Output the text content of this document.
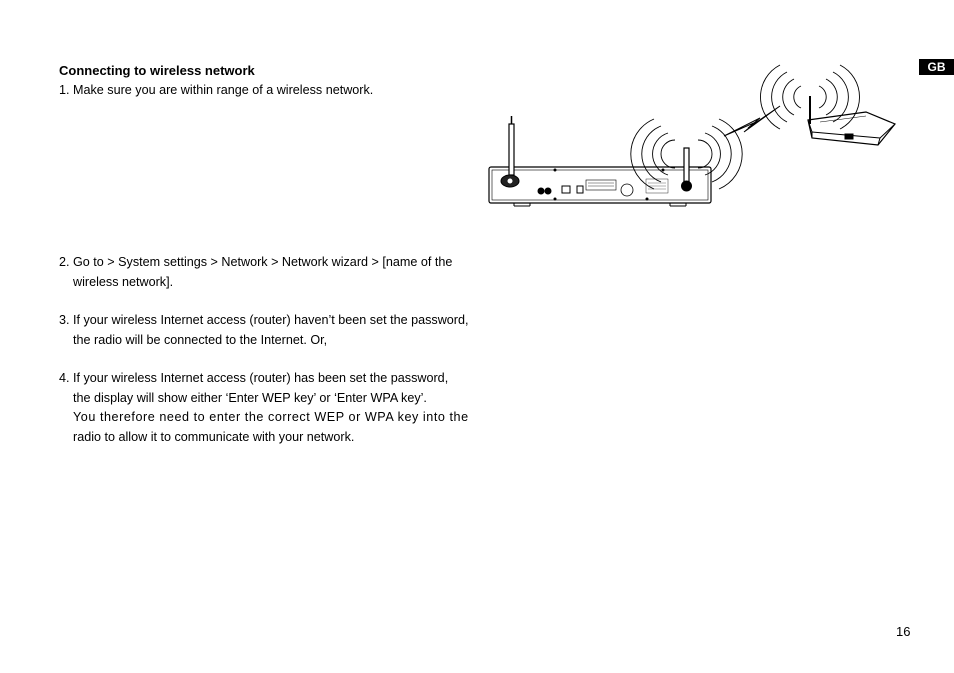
GB
Connecting to wireless network
1. Make sure you are within range of a wireless network.
2. Go to > System settings > Network > Network wizard > [name of the
wireless network].
3. If your wireless Internet access (router) haven’t been set the password,
the radio will be connected to the Internet. Or,
4. If your wireless Internet access (router) has been set the password,
the display will show either ‘Enter WEP key’ or ‘Enter WPA key’.
You therefore need to enter the correct WEP or WPA key into the
radio to allow it to communicate with your network.
16
